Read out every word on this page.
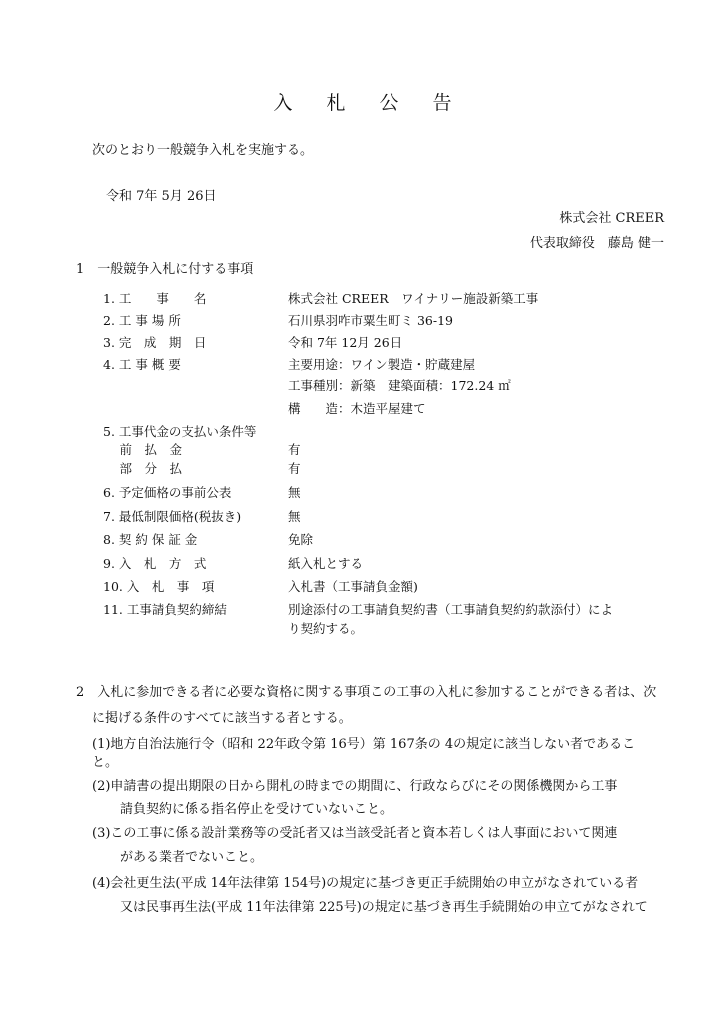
入札公告
次のとおり一般競争入札を実施する。
令和 7年 5月 26日
株式会社 CREER
代表取締役　藤島 健一
1　一般競争入札に付する事項
1. 工　　事　　名	株式会社 CREER　ワイナリー施設新築工事
2. 工 事 場 所	石川県羽咋市粟生町ミ 36-19
3. 完　成　期　日	令和 7年 12月 26日
4. 工 事 概 要	主要用途：ワイン製造・貯蔵建屋
工事種別：新築　建築面積：172.24 ㎡
構　　造：木造平屋建て
5. 工事代金の支払い条件等
　 前　払　金	有
　 部　分　払	有
6. 予定価格の事前公表	無
7. 最低制限価格(税抜き)	無
8. 契 約 保 証 金	免除
9. 入　札　方　式	紙入札とする
10. 入　札　事　項	入札書（工事請負金額)
11. 工事請負契約締結	別途添付の工事請負契約書（工事請負契約約款添付）によ
り契約する。
2　入札に参加できる者に必要な資格に関する事項この工事の入札に参加することができる者は、次
に掲げる条件のすべてに該当する者とする。
(1)地方自治法施行令（昭和 22年政令第 16号）第 167条の 4の規定に該当しない者であるこ
と。
(2)申請書の提出期限の日から開札の時までの期間に、行政ならびにその関係機関から工事
請負契約に係る指名停止を受けていないこと。
(3)この工事に係る設計業務等の受託者又は当該受託者と資本若しくは人事面において関連
がある業者でないこと。
(4)会社更生法(平成 14年法律第 154号)の規定に基づき更正手続開始の申立がなされている者
又は民事再生法(平成 11年法律第 225号)の規定に基づき再生手続開始の申立てがなされて
